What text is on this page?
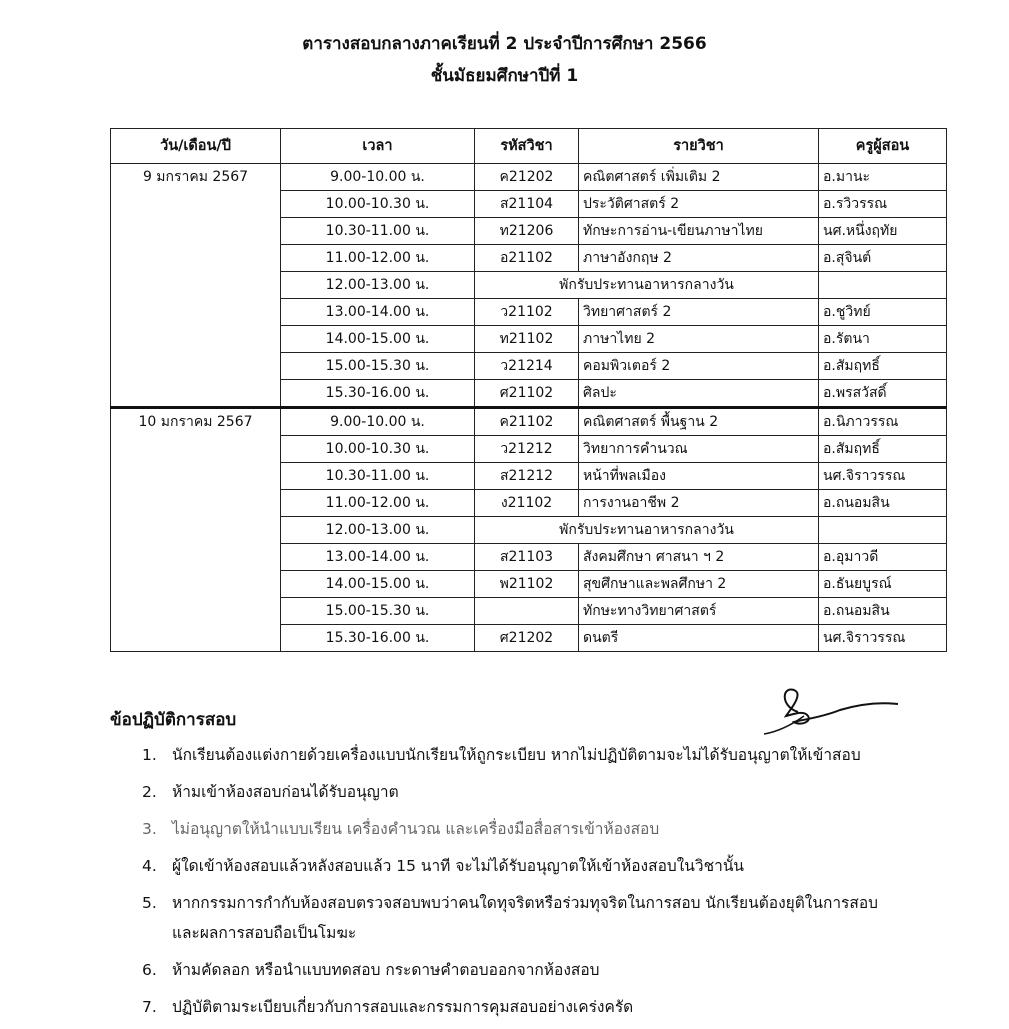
ตารางสอบกลางภาคเรียนที่ 2 ประจำปีการศึกษา 2566
ชั้นมัธยมศึกษาปีที่ 1
วัน/เดือน/ปี	เวลา	รหัสวิชา	รายวิชา	ครูผู้สอน
9 มกราคม 2567	9.00-10.00 น.	ค21202	คณิตศาสตร์ เพิ่มเติม 2	อ.มานะ
	10.00-10.30 น.	ส21104	ประวัติศาสตร์ 2	อ.รวิวรรณ
	10.30-11.00 น.	ท21206	ทักษะการอ่าน-เขียนภาษาไทย	นศ.หนึ่งฤทัย
	11.00-12.00 น.	อ21102	ภาษาอังกฤษ 2	อ.สุจินต์
	12.00-13.00 น.	พักรับประทานอาหารกลางวัน		
	13.00-14.00 น.	ว21102	วิทยาศาสตร์ 2	อ.ชูวิทย์
	14.00-15.00 น.	ท21102	ภาษาไทย 2	อ.รัตนา
	15.00-15.30 น.	ว21214	คอมพิวเตอร์ 2	อ.สัมฤทธิ์
	15.30-16.00 น.	ศ21102	ศิลปะ	อ.พรสวัสดิ์
10 มกราคม 2567	9.00-10.00 น.	ค21102	คณิตศาสตร์ พื้นฐาน 2	อ.นิภาวรรณ
	10.00-10.30 น.	ว21212	วิทยาการคำนวณ	อ.สัมฤทธิ์
	10.30-11.00 น.	ส21212	หน้าที่พลเมือง	นศ.จิราวรรณ
	11.00-12.00 น.	ง21102	การงานอาชีพ 2	อ.ถนอมสิน
	12.00-13.00 น.	พักรับประทานอาหารกลางวัน		
	13.00-14.00 น.	ส21103	สังคมศึกษา ศาสนา ฯ 2	อ.อุมาวดี
	14.00-15.00 น.	พ21102	สุขศึกษาและพลศึกษา 2	อ.ธันยบูรณ์
	15.00-15.30 น.		ทักษะทางวิทยาศาสตร์	อ.ถนอมสิน
	15.30-16.00 น.	ศ21202	ดนตรี	นศ.จิราวรรณ
ข้อปฏิบัติการสอบ
1. นักเรียนต้องแต่งกายด้วยเครื่องแบบนักเรียนให้ถูกระเบียบ หากไม่ปฏิบัติตามจะไม่ได้รับอนุญาตให้เข้าสอบ
2. ห้ามเข้าห้องสอบก่อนได้รับอนุญาต
3. ไม่อนุญาตให้นำแบบเรียน เครื่องคำนวณ และเครื่องมือสื่อสารเข้าห้องสอบ
4. ผู้ใดเข้าห้องสอบแล้วหลังสอบแล้ว 15 นาที จะไม่ได้รับอนุญาตให้เข้าห้องสอบในวิชานั้น
5. หากกรรมการกำกับห้องสอบตรวจสอบพบว่าคนใดทุจริตหรือร่วมทุจริตในการสอบ นักเรียนต้องยุติในการสอบ
และผลการสอบถือเป็นโมฆะ
6. ห้ามคัดลอก หรือนำแบบทดสอบ กระดาษคำตอบออกจากห้องสอบ
7. ปฏิบัติตามระเบียบเกี่ยวกับการสอบและกรรมการคุมสอบอย่างเคร่งครัด
